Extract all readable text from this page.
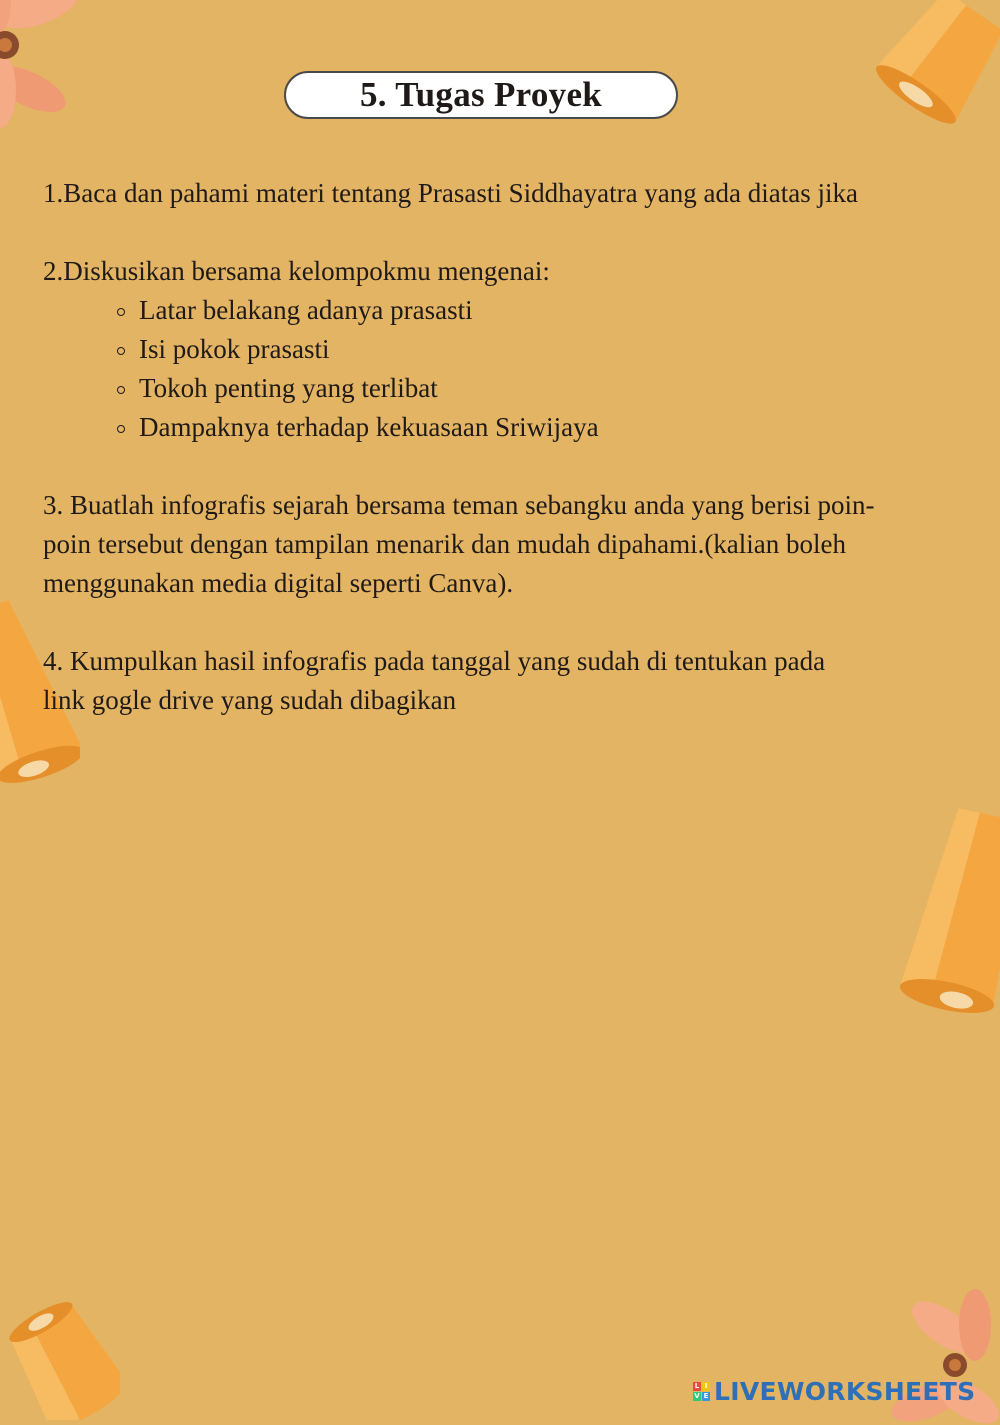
5. Tugas Proyek
1.Baca dan pahami materi tentang Prasasti Siddhayatra yang ada diatas jika
2.Diskusikan bersama kelompokmu mengenai:
Latar belakang adanya prasasti
Isi pokok prasasti
Tokoh penting yang terlibat
Dampaknya terhadap kekuasaan Sriwijaya
3. Buatlah infografis sejarah bersama teman sebangku anda yang berisi poin-
poin tersebut dengan tampilan menarik dan mudah dipahami.(kalian boleh
menggunakan media digital seperti Canva).
4. Kumpulkan hasil infografis pada tanggal yang sudah di tentukan pada
link gogle drive yang sudah dibagikan
L I
V E LIVEWORKSHEETS
